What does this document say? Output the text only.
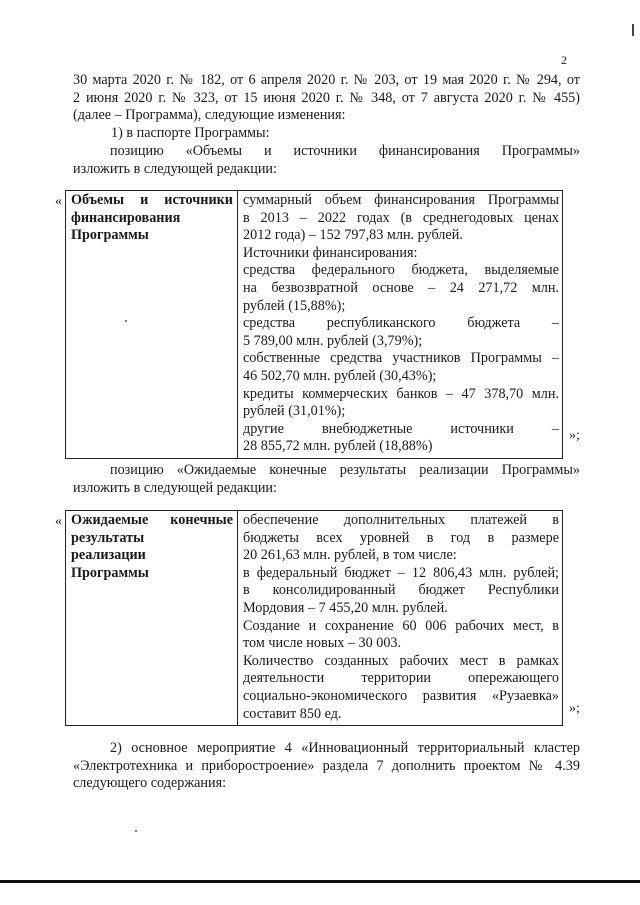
2
30 марта 2020 г. № 182, от 6 апреля 2020 г. № 203, от 19 мая 2020 г. № 294, от
2 июня 2020 г. № 323, от 15 июня 2020 г. № 348, от 7 августа 2020 г. № 455)
(далее – Программа), следующие изменения:
1) в паспорте Программы:
позицию «Объемы и источники финансирования Программы»
изложить в следующей редакции:
« Объемы и источники
финансирования
Программы

суммарный объем финансирования Программы
в 2013 – 2022 годах (в среднегодовых ценах
2012 года) – 152 797,83 млн. рублей.
Источники финансирования:
средства федерального бюджета, выделяемые
на безвозвратной основе – 24 271,72 млн.
рублей (15,88%);
средства республиканского бюджета –
5 789,00 млн. рублей (3,79%);
собственные средства участников Программы –
46 502,70 млн. рублей (30,43%);
кредиты коммерческих банков – 47 378,70 млн.
рублей (31,01%);
другие внебюджетные источники –
28 855,72 млн. рублей (18,88%)
»;
позицию «Ожидаемые конечные результаты реализации Программы»
изложить в следующей редакции:
« Ожидаемые конечные
результаты
реализации
Программы

обеспечение дополнительных платежей в
бюджеты всех уровней в год в размере
20 261,63 млн. рублей, в том числе:
в федеральный бюджет – 12 806,43 млн. рублей;
в консолидированный бюджет Республики
Мордовия – 7 455,20 млн. рублей.
Создание и сохранение 60 006 рабочих мест, в
том числе новых – 30 003.
Количество созданных рабочих мест в рамках
деятельности территории опережающего
социально-экономического развития «Рузаевка»
составит 850 ед.	»;
2) основное мероприятие 4 «Инновационный территориальный кластер
«Электротехника и приборостроение» раздела 7 дополнить проектом № 4.39
следующего содержания:
